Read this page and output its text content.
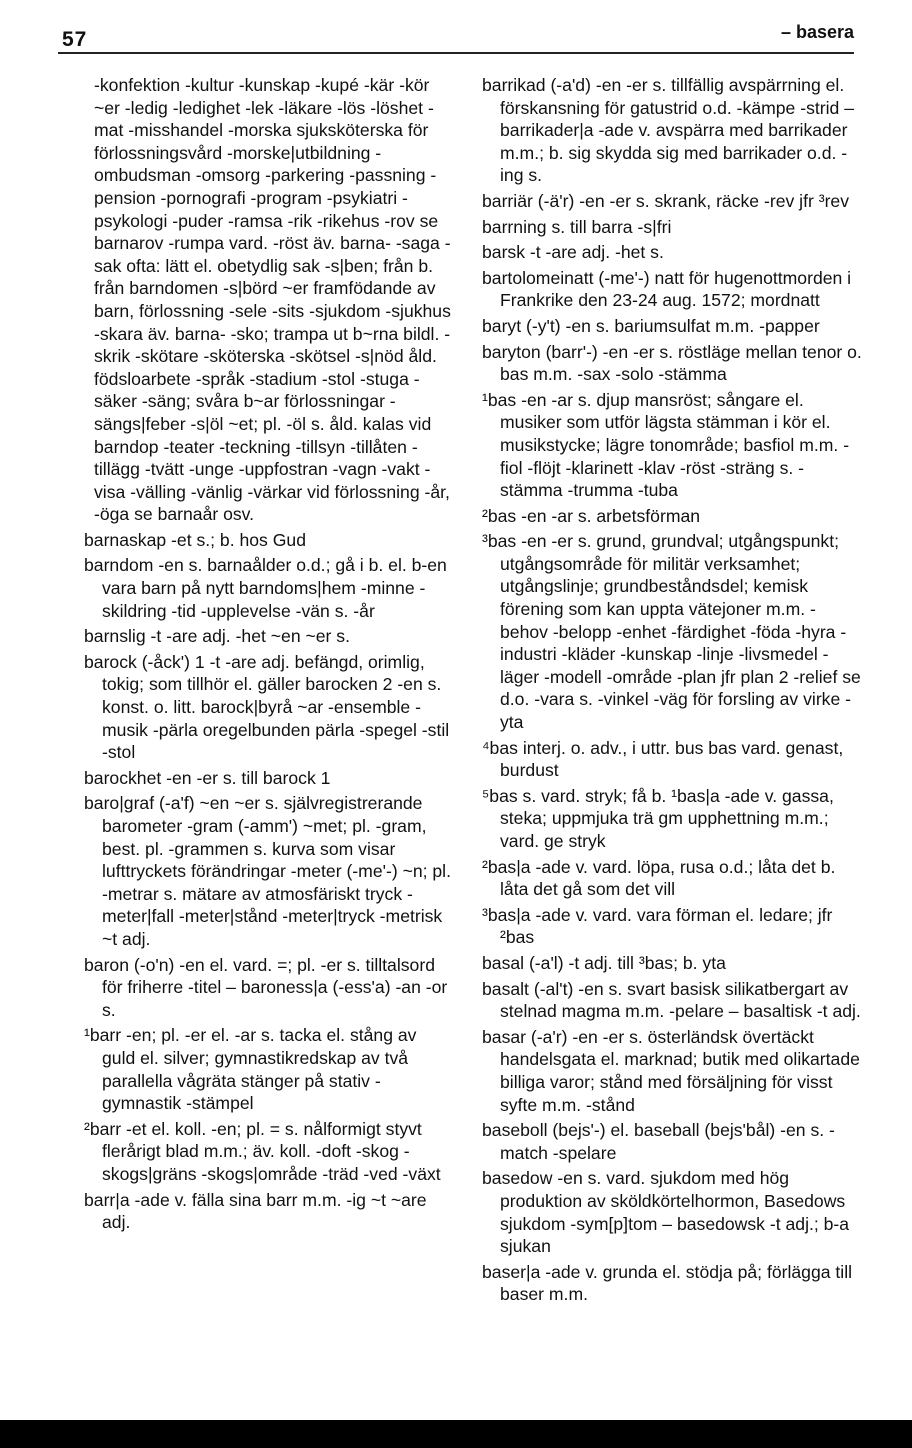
57	– basera
-konfektion -kultur -kunskap -kupé -kär -kör ~er -ledig -ledighet -lek -läkare -lös -löshet -mat -misshandel -morska sjuksköterska för förlossningsvård -morske|utbildning -ombudsman -omsorg -parkering -passning -pension -pornografi -program -psykiatri -psykologi -puder -ramsa -rik -rikehus -rov se barnarov -rumpa vard. -röst äv. barna- -saga -sak ofta: lätt el. obetydlig sak -s|ben; från b. från barndomen -s|börd ~er framfödande av barn, förlossning -sele -sits -sjukdom -sjukhus -skara äv. barna- -sko; trampa ut b~rna bildl. -skrik -skötare -sköterska -skötsel -s|nöd åld. födsloarbete -språk -stadium -stol -stuga -säker -säng; svåra b~ar förlossningar -sängs|feber -s|öl ~et; pl. -öl s. åld. kalas vid barndop -teater -teckning -tillsyn -tillåten -tillägg -tvätt -unge -uppfostran -vagn -vakt -visa -välling -vänlig -värkar vid förlossning -år, -öga se barnaår osv.
barnaskap -et s.; b. hos Gud
barndom -en s. barnaålder o.d.; gå i b. el. b-en vara barn på nytt barndoms|hem -minne -skildring -tid -upplevelse -vän s. -år
barnslig -t -are adj. -het ~en ~er s.
barock (-åck') 1 -t -are adj. befängd, orimlig, tokig; som tillhör el. gäller barocken 2 -en s. konst. o. litt. barock|byrå ~ar -ensemble -musik -pärla oregelbunden pärla -spegel -stil -stol
barockhet -en -er s. till barock 1
baro|graf (-a'f) ~en ~er s. självregistrerande barometer -gram (-amm') ~met; pl. -gram, best. pl. -grammen s. kurva som visar lufttryckets förändringar -meter (-me'-) ~n; pl. -metrar s. mätare av atmosfäriskt tryck -meter|fall -meter|stånd -meter|tryck -metrisk ~t adj.
baron (-o'n) -en el. vard. =; pl. -er s. tilltalsord för friherre -titel – baroness|a (-ess'a) -an -or s.
¹barr -en; pl. -er el. -ar s. tacka el. stång av guld el. silver; gymnastikredskap av två parallella vågräta stänger på stativ -gymnastik -stämpel
²barr -et el. koll. -en; pl. = s. nålformigt styvt flerårigt blad m.m.; äv. koll. -doft -skog -skogs|gräns -skogs|område -träd -ved -växt
barr|a -ade v. fälla sina barr m.m. -ig ~t ~are adj.
barrikad (-a'd) -en -er s. tillfällig avspärrning el. förskansning för gatustrid o.d. -kämpe -strid – barrikader|a -ade v. avspärra med barrikader m.m.; b. sig skydda sig med barrikader o.d. -ing s.
barriär (-ä'r) -en -er s. skrank, räcke -rev jfr ³rev
barrning s. till barra -s|fri
barsk -t -are adj. -het s.
bartolomeinatt (-me'-) natt för hugenottmorden i Frankrike den 23-24 aug. 1572; mordnatt
baryt (-y't) -en s. bariumsulfat m.m. -papper
baryton (barr'-) -en -er s. röstläge mellan tenor o. bas m.m. -sax -solo -stämma
¹bas -en -ar s. djup mansröst; sångare el. musiker som utför lägsta stämman i kör el. musikstycke; lägre tonområde; basfiol m.m. -fiol -flöjt -klarinett -klav -röst -sträng s. -stämma -trumma -tuba
²bas -en -ar s. arbetsförman
³bas -en -er s. grund, grundval; utgångspunkt; utgångsområde för militär verksamhet; utgångslinje; grundbeståndsdel; kemisk förening som kan uppta vätejoner m.m. -behov -belopp -enhet -färdighet -föda -hyra -industri -kläder -kunskap -linje -livsmedel -läger -modell -område -plan jfr plan 2 -relief se d.o. -vara s. -vinkel -väg för forsling av virke -yta
⁴bas interj. o. adv., i uttr. bus bas vard. genast, burdust
⁵bas s. vard. stryk; få b. ¹bas|a -ade v. gassa, steka; uppmjuka trä gm upphettning m.m.; vard. ge stryk
²bas|a -ade v. vard. löpa, rusa o.d.; låta det b. låta det gå som det vill
³bas|a -ade v. vard. vara förman el. ledare; jfr ²bas
basal (-a'l) -t adj. till ³bas; b. yta
basalt (-al't) -en s. svart basisk silikatbergart av stelnad magma m.m. -pelare – basaltisk -t adj.
basar (-a'r) -en -er s. österländsk övertäckt handelsgata el. marknad; butik med olikartade billiga varor; stånd med försäljning för visst syfte m.m. -stånd
baseboll (bejs'-) el. baseball (bejs'bål) -en s. -match -spelare
basedow -en s. vard. sjukdom med hög produktion av sköldkörtelhormon, Basedows sjukdom -sym[p]tom – basedowsk -t adj.; b-a sjukan
baser|a -ade v. grunda el. stödja på; förlägga till baser m.m.
